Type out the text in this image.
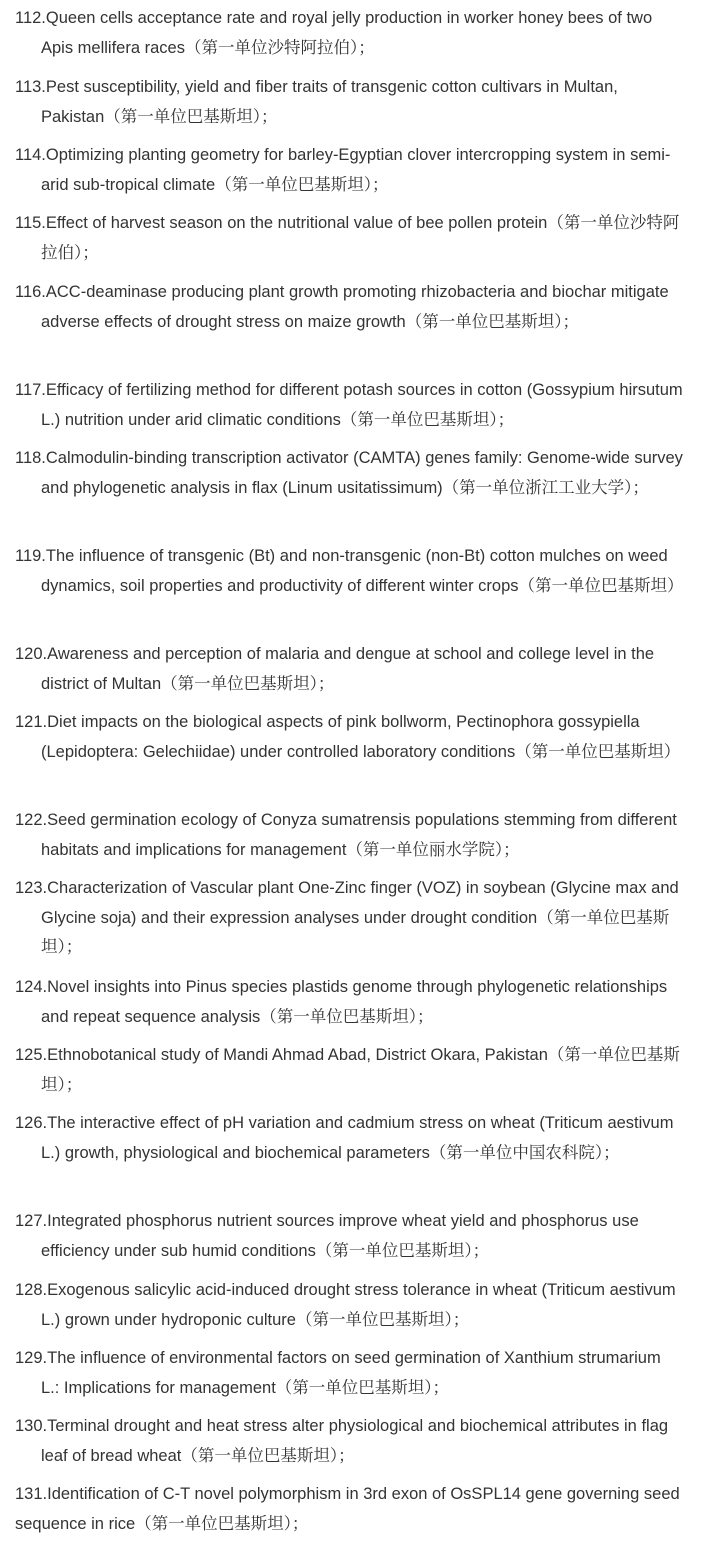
112.Queen cells acceptance rate and royal jelly production in worker honey bees of two Apis mellifera races（第一单位沙特阿拉伯）；
113.Pest susceptibility, yield and fiber traits of transgenic cotton cultivars in Multan, Pakistan（第一单位巴基斯坦）；
114.Optimizing planting geometry for barley-Egyptian clover intercropping system in semi-arid sub-tropical climate（第一单位巴基斯坦）；
115.Effect of harvest season on the nutritional value of bee pollen protein（第一单位沙特阿拉伯）；
116.ACC-deaminase producing plant growth promoting rhizobacteria and biochar mitigate adverse effects of drought stress on maize growth（第一单位巴基斯坦）；
117.Efficacy of fertilizing method for different potash sources in cotton (Gossypium hirsutum L.) nutrition under arid climatic conditions（第一单位巴基斯坦）；
118.Calmodulin-binding transcription activator (CAMTA) genes family: Genome-wide survey and phylogenetic analysis in flax (Linum usitatissimum)（第一单位浙江工业大学）；
119.The influence of transgenic (Bt) and non-transgenic (non-Bt) cotton mulches on weed dynamics, soil properties and productivity of different winter crops（第一单位巴基斯坦）
120.Awareness and perception of malaria and dengue at school and college level in the district of Multan（第一单位巴基斯坦）；
121.Diet impacts on the biological aspects of pink bollworm, Pectinophora gossypiella (Lepidoptera: Gelechiidae) under controlled laboratory conditions（第一单位巴基斯坦）
122.Seed germination ecology of Conyza sumatrensis populations stemming from different habitats and implications for management（第一单位丽水学院）；
123.Characterization of Vascular plant One-Zinc finger (VOZ) in soybean (Glycine max and Glycine soja) and their expression analyses under drought condition（第一单位巴基斯坦）；
124.Novel insights into Pinus species plastids genome through phylogenetic relationships and repeat sequence analysis（第一单位巴基斯坦）；
125.Ethnobotanical study of Mandi Ahmad Abad, District Okara, Pakistan（第一单位巴基斯坦）；
126.The interactive effect of pH variation and cadmium stress on wheat (Triticum aestivum L.) growth, physiological and biochemical parameters（第一单位中国农科院）；
127.Integrated phosphorus nutrient sources improve wheat yield and phosphorus use efficiency under sub humid conditions（第一单位巴基斯坦）；
128.Exogenous salicylic acid-induced drought stress tolerance in wheat (Triticum aestivum L.) grown under hydroponic culture（第一单位巴基斯坦）；
129.The influence of environmental factors on seed germination of Xanthium strumarium L.: Implications for management（第一单位巴基斯坦）；
130.Terminal drought and heat stress alter physiological and biochemical attributes in flag leaf of bread wheat（第一单位巴基斯坦）；
131.Identification of C-T novel polymorphism in 3rd exon of OsSPL14 gene governing seed sequence in rice（第一单位巴基斯坦）；
